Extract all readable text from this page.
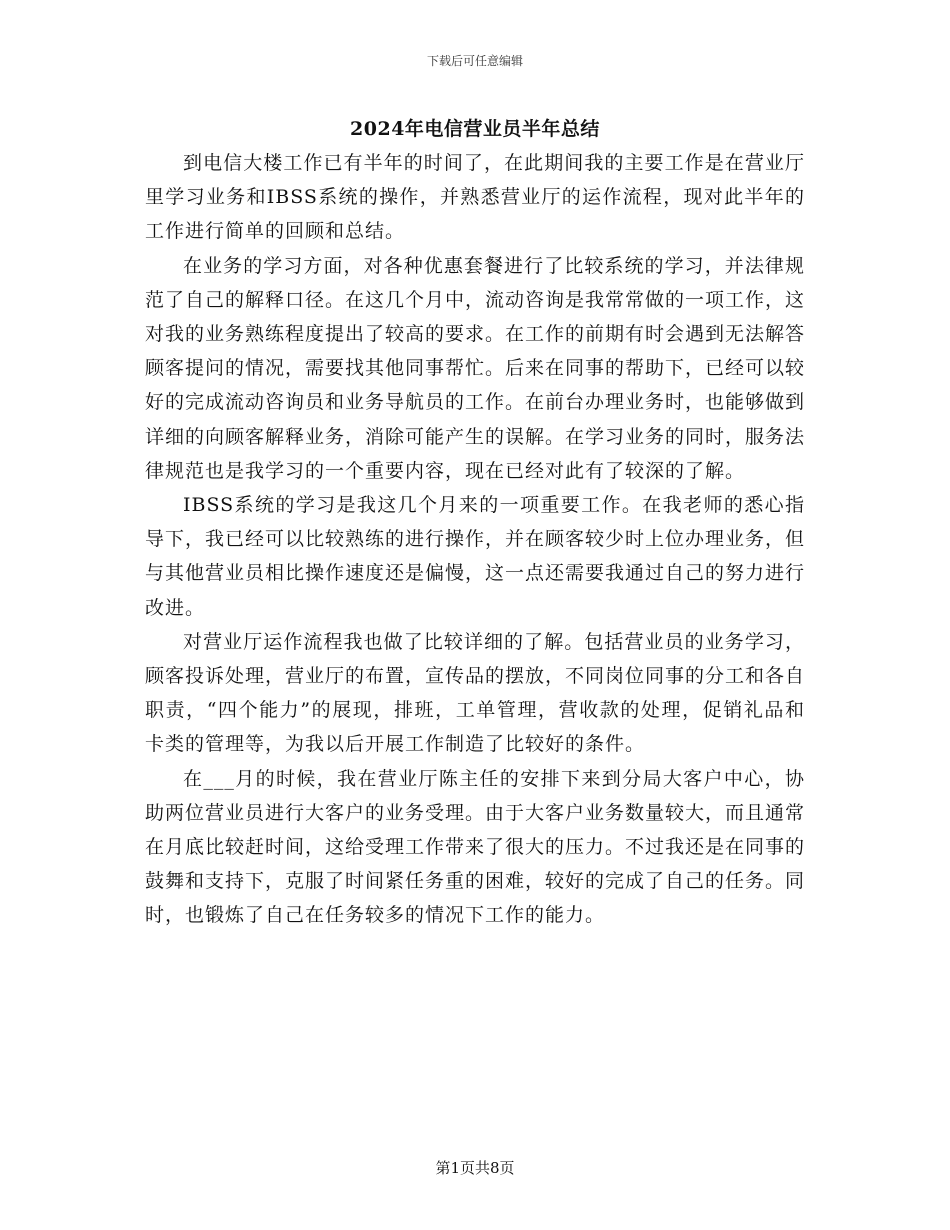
下载后可任意编辑
2024年电信营业员半年总结

到电信大楼工作已有半年的时间了，在此期间我的主要工作是在营业厅里学习业务和IBSS系统的操作，并熟悉营业厅的运作流程，现对此半年的工作进行简单的回顾和总结。

在业务的学习方面，对各种优惠套餐进行了比较系统的学习，并法律规范了自己的解释口径。在这几个月中，流动咨询是我常常做的一项工作，这对我的业务熟练程度提出了较高的要求。在工作的前期有时会遇到无法解答顾客提问的情况，需要找其他同事帮忙。后来在同事的帮助下，已经可以较好的完成流动咨询员和业务导航员的工作。在前台办理业务时，也能够做到详细的向顾客解释业务，消除可能产生的误解。在学习业务的同时，服务法律规范也是我学习的一个重要内容，现在已经对此有了较深的了解。

IBSS系统的学习是我这几个月来的一项重要工作。在我老师的悉心指导下，我已经可以比较熟练的进行操作，并在顾客较少时上位办理业务，但与其他营业员相比操作速度还是偏慢，这一点还需要我通过自己的努力进行改进。

对营业厅运作流程我也做了比较详细的了解。包括营业员的业务学习，顾客投诉处理，营业厅的布置，宣传品的摆放，不同岗位同事的分工和各自职责，“四个能力”的展现，排班，工单管理，营收款的处理，促销礼品和卡类的管理等，为我以后开展工作制造了比较好的条件。

在___月的时候，我在营业厅陈主任的安排下来到分局大客户中心，协助两位营业员进行大客户的业务受理。由于大客户业务数量较大，而且通常在月底比较赶时间，这给受理工作带来了很大的压力。不过我还是在同事的鼓舞和支持下，克服了时间紧任务重的困难，较好的完成了自己的任务。同时，也锻炼了自己在任务较多的情况下工作的能力。

第1页共8页
